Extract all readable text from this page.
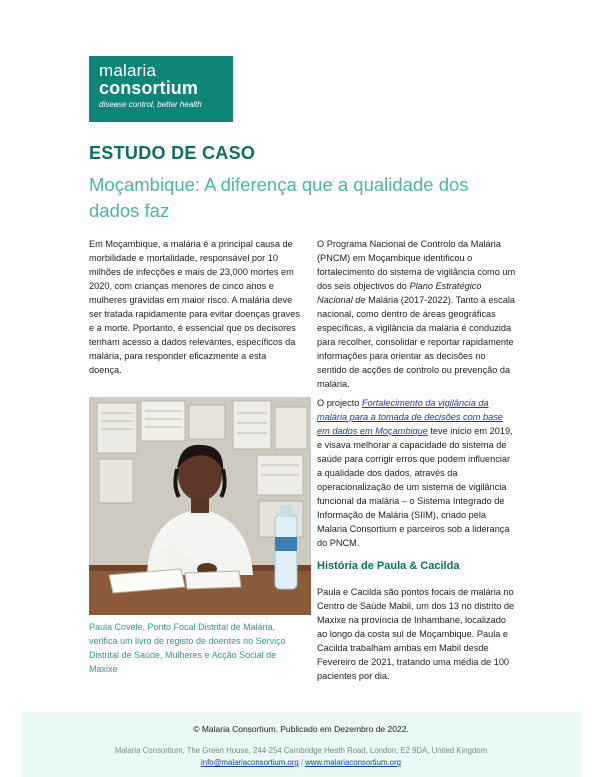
malaria
consortium
disease control, better health
ESTUDO DE CASO
Moçambique: A diferença que a qualidade dos dados faz

Em Moçambique, a malária é a principal causa de morbilidade e mortalidade, responsável por 10 milhões de infecções e mais de 23,000 mortes em 2020, com crianças menores de cinco anos e mulheres grávidas em maior risco. A malária deve ser tratada rapidamente para evitar doenças graves e a morte. Pportanto, é essencial que os decisores tenham acesso a dados relevantes, específicos da malária, para responder eficazmente a esta doença.

O Programa Nacional de Controlo da Malária (PNCM) em Moçambique identificou o fortalecimento do sistema de vigilância como um dos seis objectivos do Plano Estratégico Nacional de Malária (2017-2022). Tanto à escala nacional, como dentro de áreas geográficas específicas, a vigilância da malária é conduzida para recolher, consolidar e reportar rapidamente informações para orientar as decisões no sentido de acções de controlo ou prevenção da malária.

O projecto Fortalecimento da vigilância da malária para a tomada de decisões com base em dados em Moçambique teve início em 2019, e visava melhorar a capacidade do sistema de saúde para corrigir erros que podem influenciar a qualidade dos dados, através da operacionalização de um sistema de vigilância funcional da malária – o Sistema Integrado de Informação de Malária (SIIM), criado pela Malaria Consortium e parceiros sob a liderança do PNCM.

História de Paula & Cacilda

Paula e Cacilda são pontos focais de malária no Centro de Saúde Mabil, um dos 13 no distrito de Maxixe na província de Inhambane, localizado ao longo da costa sul de Moçambique. Paula e Cacilda trabalham ambas em Mabil desde Fevereiro de 2021, tratando uma média de 100 pacientes por dia.

Paula Covele, Ponto Focal Distrital de Malária, verifica um livro de registo de doentes no Serviço Distrital de Saúde, Mulheres e Acção Social de Maxixe
© Malaria Consortium. Publicado em Dezembro de 2022.
Malaria Consortium, The Green House, 244-254 Cambridge Heath Road, London, E2 9DA, United Kingdom
info@malariaconsortium.org / www.malariaconsortium.org
